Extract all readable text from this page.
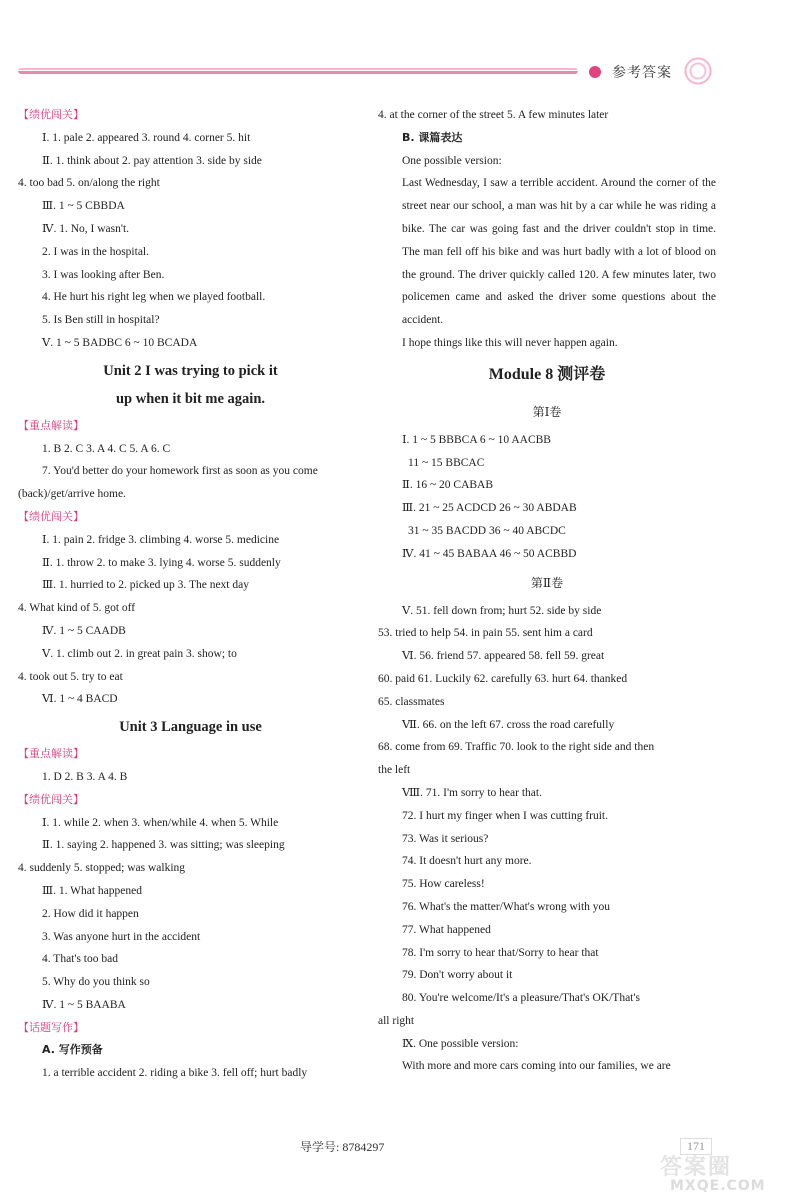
参考答案
【绩优闯关】
Ⅰ. 1. pale 2. appeared 3. round 4. corner 5. hit
Ⅱ. 1. think about 2. pay attention 3. side by side
4. too bad 5. on/along the right
Ⅲ. 1 ~ 5 CBBDA
Ⅳ. 1. No, I wasn't.
2. I was in the hospital.
3. I was looking after Ben.
4. He hurt his right leg when we played football.
5. Is Ben still in hospital?
Ⅴ. 1 ~ 5 BADBC 6 ~ 10 BCADA
Unit 2 I was trying to pick it
up when it bit me again.
【重点解读】
1. B 2. C 3. A 4. C 5. A 6. C
7. You'd better do your homework first as soon as you come
(back)/get/arrive home.
【绩优闯关】
Ⅰ. 1. pain 2. fridge 3. climbing 4. worse 5. medicine
Ⅱ. 1. throw 2. to make 3. lying 4. worse 5. suddenly
Ⅲ. 1. hurried to 2. picked up 3. The next day
4. What kind of 5. got off
Ⅳ. 1 ~ 5 CAADB
Ⅴ. 1. climb out 2. in great pain 3. show; to
4. took out 5. try to eat
Ⅵ. 1 ~ 4 BACD
Unit 3 Language in use
【重点解读】
1. D 2. B 3. A 4. B
【绩优闯关】
Ⅰ. 1. while 2. when 3. when/while 4. when 5. While
Ⅱ. 1. saying 2. happened 3. was sitting; was sleeping
4. suddenly 5. stopped; was walking
Ⅲ. 1. What happened
2. How did it happen
3. Was anyone hurt in the accident
4. That's too bad
5. Why do you think so
Ⅳ. 1 ~ 5 BAABA
【话题写作】
A. 写作预备
1. a terrible accident 2. riding a bike 3. fell off; hurt badly
4. at the corner of the street 5. A few minutes later
B. 课篇表达
One possible version:
Last Wednesday, I saw a terrible accident. Around the corner of the street near our school, a man was hit by a car while he was riding a bike. The car was going fast and the driver couldn't stop in time. The man fell off his bike and was hurt badly with a lot of blood on the ground. The driver quickly called 120. A few minutes later, two policemen came and asked the driver some questions about the accident.
I hope things like this will never happen again.
Module 8 测评卷
第Ⅰ卷
Ⅰ. 1 ~ 5 BBBCA 6 ~ 10 AACBB
11 ~ 15 BBCAC
Ⅱ. 16 ~ 20 CABAB
Ⅲ. 21 ~ 25 ACDCD 26 ~ 30 ABDAB
31 ~ 35 BACDD 36 ~ 40 ABCDC
Ⅳ. 41 ~ 45 BABAA 46 ~ 50 ACBBD
第Ⅱ卷
Ⅴ. 51. fell down from; hurt 52. side by side
53. tried to help 54. in pain 55. sent him a card
Ⅵ. 56. friend 57. appeared 58. fell 59. great
60. paid 61. Luckily 62. carefully 63. hurt 64. thanked
65. classmates
Ⅶ. 66. on the left 67. cross the road carefully
68. come from 69. Traffic 70. look to the right side and then
the left
Ⅷ. 71. I'm sorry to hear that.
72. I hurt my finger when I was cutting fruit.
73. Was it serious?
74. It doesn't hurt any more.
75. How careless!
76. What's the matter/What's wrong with you
77. What happened
78. I'm sorry to hear that/Sorry to hear that
79. Don't worry about it
80. You're welcome/It's a pleasure/That's OK/That's
all right
Ⅸ. One possible version:
With more and more cars coming into our families, we are
导学号: 8784297	171
答案圈
MXQE.COM
